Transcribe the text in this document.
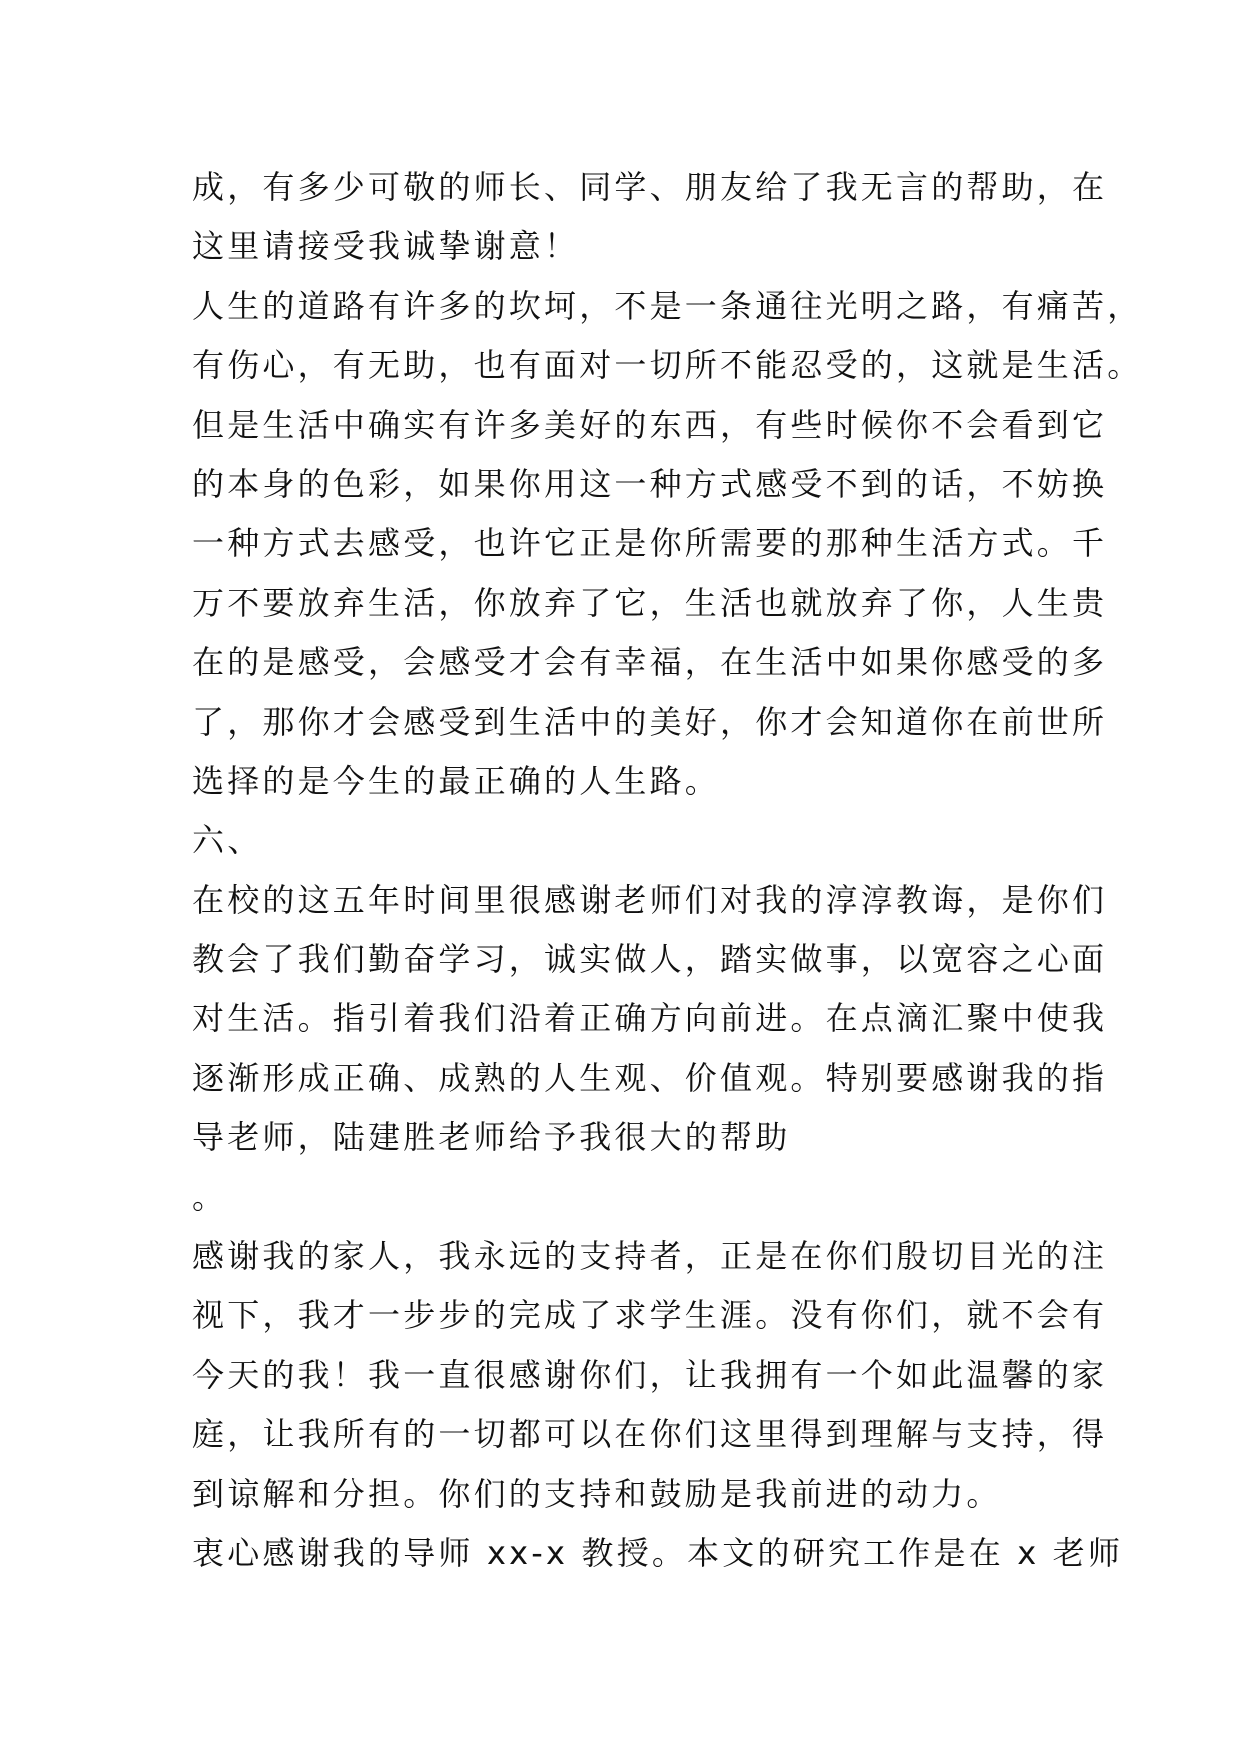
成，有多少可敬的师长、同学、朋友给了我无言的帮助，在
这里请接受我诚挚谢意！
人生的道路有许多的坎坷，不是一条通往光明之路，有痛苦，
有伤心，有无助，也有面对一切所不能忍受的，这就是生活。
但是生活中确实有许多美好的东西，有些时候你不会看到它
的本身的色彩，如果你用这一种方式感受不到的话，不妨换
一种方式去感受，也许它正是你所需要的那种生活方式。千
万不要放弃生活，你放弃了它，生活也就放弃了你，人生贵
在的是感受，会感受才会有幸福，在生活中如果你感受的多
了，那你才会感受到生活中的美好，你才会知道你在前世所
选择的是今生的最正确的人生路。
六、
在校的这五年时间里很感谢老师们对我的淳淳教诲，是你们
教会了我们勤奋学习，诚实做人，踏实做事，以宽容之心面
对生活。指引着我们沿着正确方向前进。在点滴汇聚中使我
逐渐形成正确、成熟的人生观、价值观。特别要感谢我的指
导老师，陆建胜老师给予我很大的帮助
。
感谢我的家人，我永远的支持者，正是在你们殷切目光的注
视下，我才一步步的完成了求学生涯。没有你们，就不会有
今天的我！我一直很感谢你们，让我拥有一个如此温馨的家
庭，让我所有的一切都可以在你们这里得到理解与支持，得
到谅解和分担。你们的支持和鼓励是我前进的动力。
衷心感谢我的导师 xx-x 教授。本文的研究工作是在 x 老师
